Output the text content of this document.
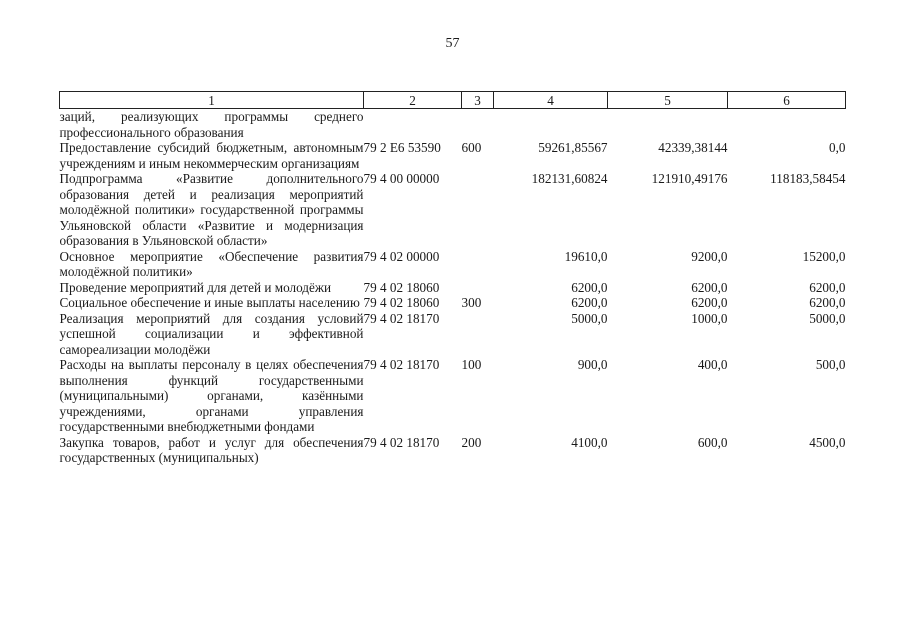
57
1	2	3	4	5	6
заций, реализующих программы среднего профессионального образования					
Предоставление субсидий бюджетным, автономным учреждениям и иным некоммерческим организациям	79 2 E6 53590	600	59261,85567	42339,38144	0,0
Подпрограмма «Развитие дополнительного образования детей и реализация мероприятий молодёжной политики» государственной программы Ульяновской области «Развитие и модернизация образования в Ульяновской области»	79 4 00 00000		182131,60824	121910,49176	118183,58454
Основное мероприятие «Обеспечение развития молодёжной политики»	79 4 02 00000		19610,0	9200,0	15200,0
Проведение мероприятий для детей и молодёжи	79 4 02 18060		6200,0	6200,0	6200,0
Социальное обеспечение и иные выплаты населению	79 4 02 18060	300	6200,0	6200,0	6200,0
Реализация мероприятий для создания условий успешной социализации и эффективной самореализации молодёжи	79 4 02 18170		5000,0	1000,0	5000,0
Расходы на выплаты персоналу в целях обеспечения выполнения функций государственными (муниципальными) органами, казёнными учреждениями, органами управления государственными внебюджетными фондами	79 4 02 18170	100	900,0	400,0	500,0
Закупка товаров, работ и услуг для обеспечения государственных (муниципальных)	79 4 02 18170	200	4100,0	600,0	4500,0
